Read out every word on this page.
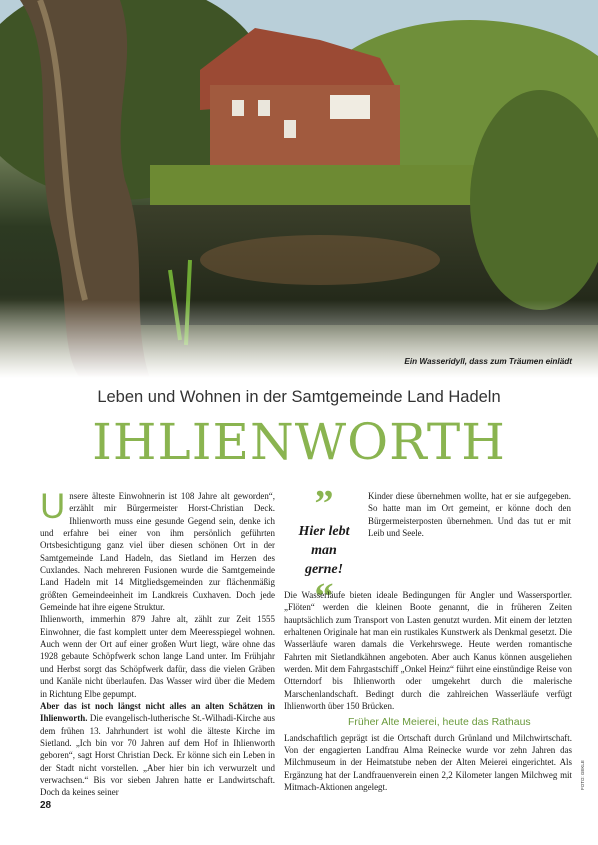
Ein Wasseridyll, dass zum Träumen einlädt
Leben und Wohnen in der Samtgemeinde Land Hadeln
IHLIENWORTH

Unsere älteste Einwohnerin ist 108 Jahre alt geworden“, erzählt mir Bürgermeister Horst-Christian Deck. Ihlienworth muss eine gesunde Gegend sein, denke ich und erfahre bei einer von ihm persönlich geführten Ortsbesichtigung ganz viel über diesen schönen Ort in der Samtgemeinde Land Hadeln, das Sietland im Herzen des Cuxlandes. Nach mehreren Fusionen wurde die Samtgemeinde Land Hadeln mit 14 Mitgliedsgemeinden zur flächenmäßig größten Gemeindeeinheit im Landkreis Cuxhaven. Doch jede Gemeinde hat ihre eigene Struktur.

Ihlienworth, immerhin 879 Jahre alt, zählt zur Zeit 1555 Einwohner, die fast komplett unter dem Meeresspiegel wohnen. Auch wenn der Ort auf einer großen Wurt liegt, wäre ohne das 1928 gebaute Schöpfwerk schon lange Land unter. Im Frühjahr und Herbst sorgt das Schöpfwerk dafür, dass die vielen Gräben und Kanäle nicht überlaufen. Das Wasser wird über die Medem in Richtung Elbe gepumpt.

Aber das ist noch längst nicht alles an alten Schätzen in Ihlienworth. Die evangelisch-lutherische St.-Wilhadi-Kirche aus dem frühen 13. Jahrhundert ist wohl die älteste Kirche im Sietland. „Ich bin vor 70 Jahren auf dem Hof in Ihlienworth geboren“, sagt Horst Christian Deck. Er könne sich ein Leben in der Stadt nicht vorstellen. „Aber hier bin ich verwurzelt und verwachsen.“ Bis vor sieben Jahren hatte er Landwirtschaft. Doch da keines seiner

”
Hier lebt man
gerne!
“

Kinder diese übernehmen wollte, hat er sie aufgegeben. So hatte man im Ort gemeint, er könne doch den Bürgermeisterposten übernehmen. Und das tut er mit Leib und Seele.

Die Wasserläufe bieten ideale Bedingungen für Angler und Wassersportler. „Flöten“ werden die kleinen Boote genannt, die in früheren Zeiten hauptsächlich zum Transport von Lasten genutzt wurden. Mit einem der letzten erhaltenen Originale hat man ein rustikales Kunstwerk als Denkmal gesetzt. Die Wasserläufe waren damals die Verkehrswege. Heute werden romantische Fahrten mit Sietlandkähnen angeboten. Aber auch Kanus können ausgeliehen werden. Mit dem Fahrgastschiff „Onkel Heinz“ führt eine einstündige Reise von Otterndorf bis Ihlienworth oder umgekehrt durch die malerische Marschenlandschaft. Bedingt durch die zahlreichen Wasserläufe verfügt Ihlienworth über 150 Brücken.

Früher Alte Meierei, heute das Rathaus

Landschaftlich geprägt ist die Ortschaft durch Grünland und Milchwirtschaft. Von der engagierten Landfrau Alma Reinecke wurde vor zehn Jahren das Milchmuseum in der Heimatstube neben der Alten Meierei eingerichtet. Als Ergänzung hat der Landfrauenverein einen 2,2 Kilometer langen Milchweg mit Mitmach-Aktionen angelegt.

28
FOTO: GEKLE
